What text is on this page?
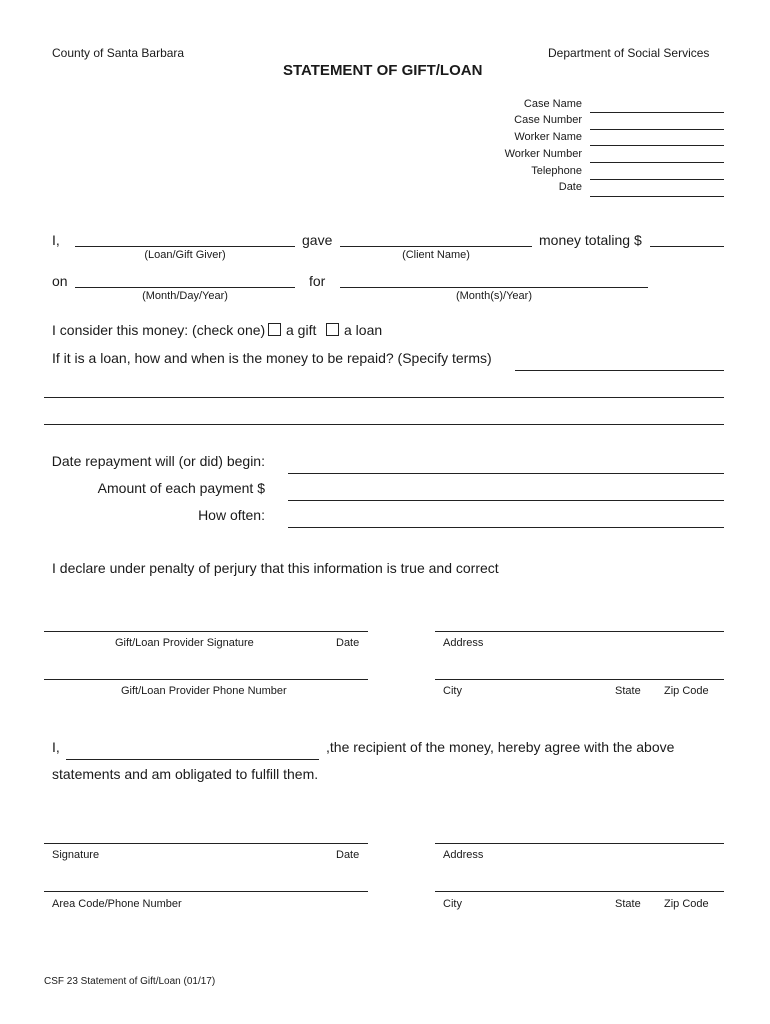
County of Santa Barbara	Department of Social Services
STATEMENT OF GIFT/LOAN
Case Name
Case Number
Worker Name
Worker Number
Telephone
Date
I,	gave	money totaling $
(Loan/Gift Giver)	(Client Name)
on	for
(Month/Day/Year)	(Month(s)/Year)
I consider this money: (check one) a gift a loan
If it is a loan, how and when is the money to be repaid? (Specify terms)
Date repayment will (or did) begin:
Amount of each payment $
How often:
I declare under penalty of perjury that this information is true and correct
Gift/Loan Provider Signature	Date	Address
Gift/Loan Provider Phone Number	City	State Zip Code
I,	,the recipient of the money, hereby agree with the above
statements and am obligated to fulfill them.
Signature	Date	Address
Area Code/Phone Number	City	State Zip Code
CSF 23 Statement of Gift/Loan (01/17)
